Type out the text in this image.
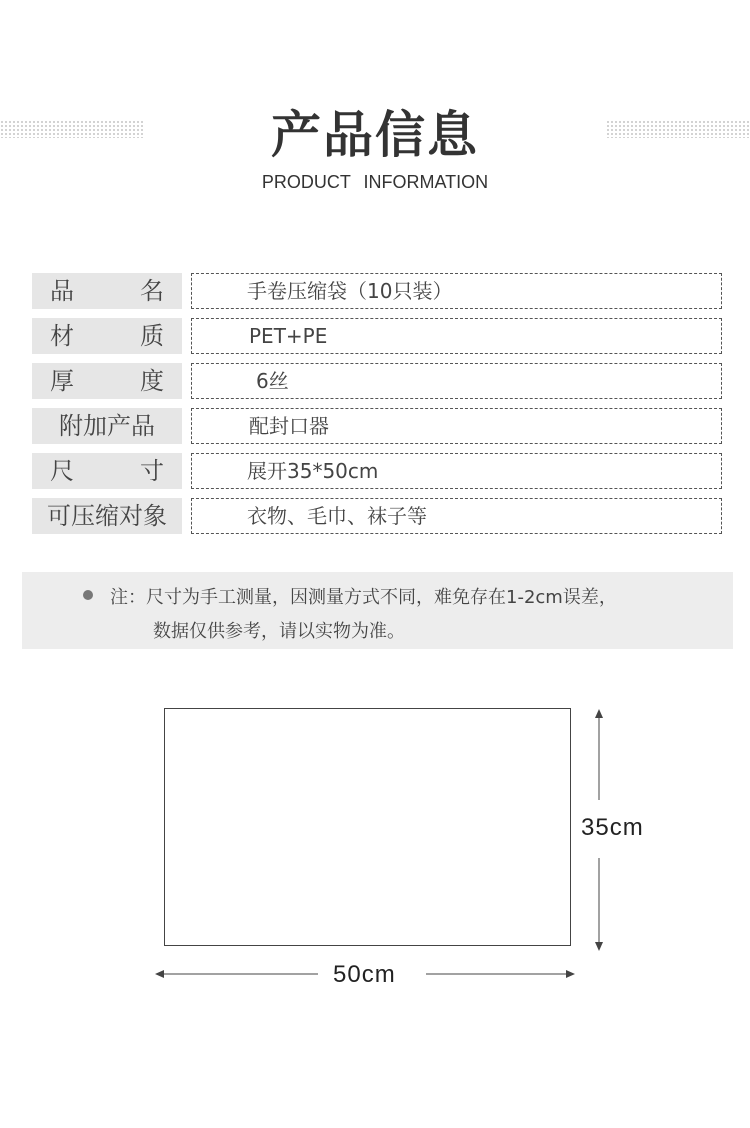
产品信息
PRODUCT INFORMATION
品	名	手卷压缩袋（10只装）
材	质	PET+PE
厚	度	6丝
附加产品	配封口器
尺	寸	展开35*50cm
可压缩对象	衣物、毛巾、袜子等
注：尺寸为手工测量，因测量方式不同，难免存在1-2cm误差，
数据仅供参考，请以实物为准。
35cm
50cm
